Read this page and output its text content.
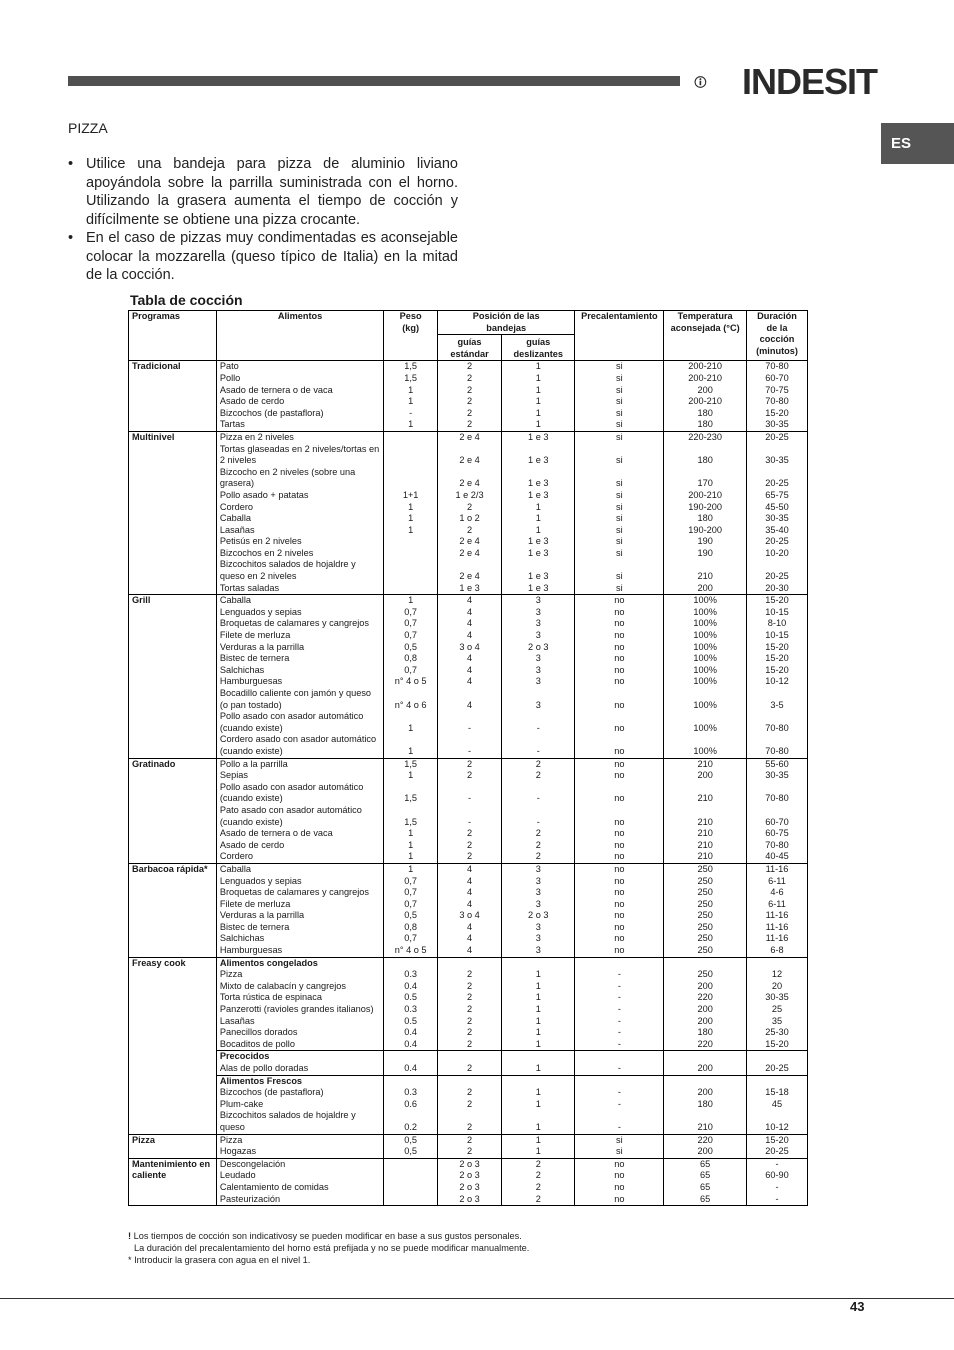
INDESIT
ES
PIZZA
• Utilice una bandeja para pizza de aluminio liviano apoyándola sobre la parrilla suministrada con el horno. Utilizando la grasera aumenta el tiempo de cocción y difícilmente se obtiene una pizza crocante.
• En el caso de pizzas muy condimentadas es aconsejable colocar la mozzarella (queso típico de Italia) en la mitad de la cocción.
Tabla de cocción
Programas	Alimentos	Peso (kg)	Posición de las bandejas		Precalentamiento	Temperatura aconsejada (°C)	Duración de la cocción (minutos)
			guías estándar	guías deslizantes			
Tradicional	Pato	1,5	2	1	si	200-210	70-80
	Pollo	1,5	2	1	si	200-210	60-70
	Asado de ternera o de vaca	1	2	1	si	200	70-75
	Asado de cerdo	1	2	1	si	200-210	70-80
	Bizcochos (de pastaflora)	-	2	1	si	180	15-20
	Tartas	1	2	1	si	180	30-35
Multinivel	Pizza en 2 niveles		2 e 4	1 e 3	si	220-230	20-25
	Tortas glaseadas en 2 niveles/tortas en 2 niveles		2 e 4	1 e 3	si	180	30-35
	Bizcocho en 2 niveles (sobre una grasera)		2 e 4	1 e 3	si	170	20-25
	Pollo asado + patatas	1+1	1 e 2/3	1 e 3	si	200-210	65-75
	Cordero	1	2	1	si	190-200	45-50
	Caballa	1	1 o 2	1	si	180	30-35
	Lasañas	1	2	1	si	190-200	35-40
	Petisús en 2 niveles		2 e 4	1 e 3	si	190	20-25
	Bizcochos en 2 niveles		2 e 4	1 e 3	si	190	10-20
	Bizcochitos salados de hojaldre y queso en 2 niveles		2 e 4	1 e 3	si	210	20-25
	Tortas saladas		1 e 3	1 e 3	si	200	20-30
Grill	Caballa	1	4	3	no	100%	15-20
	Lenguados y sepias	0,7	4	3	no	100%	10-15
	Broquetas de calamares y cangrejos	0,7	4	3	no	100%	8-10
	Filete de merluza	0,7	4	3	no	100%	10-15
	Verduras a la parrilla	0,5	3 o 4	2 o 3	no	100%	15-20
	Bistec de ternera	0,8	4	3	no	100%	15-20
	Salchichas	0,7	4	3	no	100%	15-20
	Hamburguesas	n° 4 o 5	4	3	no	100%	10-12
	Bocadillo caliente con jamón y queso (o pan tostado)	n° 4 o 6	4	3	no	100%	3-5
	Pollo asado con asador automático (cuando existe)	1	-	-	no	100%	70-80
	Cordero asado con asador automático (cuando existe)	1	-	-	no	100%	70-80
Gratinado	Pollo a la parrilla	1,5	2	2	no	210	55-60
	Sepias	1	2	2	no	200	30-35
	Pollo asado con asador automático (cuando existe)	1,5	-	-	no	210	70-80
	Pato asado con asador automático (cuando existe)	1,5	-	-	no	210	60-70
	Asado de ternera o de vaca	1	2	2	no	210	60-75
	Asado de cerdo	1	2	2	no	210	70-80
	Cordero	1	2	2	no	210	40-45
Barbacoa rápida*	Caballa	1	4	3	no	250	11-16
	Lenguados y sepias	0,7	4	3	no	250	6-11
	Broquetas de calamares y cangrejos	0,7	4	3	no	250	4-6
	Filete de merluza	0,7	4	3	no	250	6-11
	Verduras a la parrilla	0,5	3 o 4	2 o 3	no	250	11-16
	Bistec de ternera	0,8	4	3	no	250	11-16
	Salchichas	0,7	4	3	no	250	11-16
	Hamburguesas	n° 4 o 5	4	3	no	250	6-8
Freasy cook	Alimentos congelados						
	Pizza	0.3	2	1	-	250	12
	Mixto de calabacín y cangrejos	0.4	2	1	-	200	20
	Torta rústica de espinaca	0.5	2	1	-	220	30-35
	Panzerotti (ravioles grandes italianos)	0.3	2	1	-	200	25
	Lasañas	0.5	2	1	-	200	35
	Panecillos dorados	0.4	2	1	-	180	25-30
	Bocaditos de pollo	0.4	2	1	-	220	15-20
	Precocidos						
	Alas de pollo doradas	0.4	2	1	-	200	20-25
	Alimentos Frescos						
	Bizcochos (de pastaflora)	0.3	2	1	-	200	15-18
	Plum-cake	0.6	2	1	-	180	45
	Bizcochitos salados de hojaldre y queso	0.2	2	1	-	210	10-12
Pizza	Pizza	0,5	2	1	si	220	15-20
	Hogazas	0,5	2	1	si	200	20-25
Mantenimiento en caliente	Descongelación		2 o 3	2	no	65	-
	Leudado		2 o 3	2	no	65	60-90
	Calentamiento de comidas		2 o 3	2	no	65	-
	Pasteurización		2 o 3	2	no	65	-
! Los tiempos de cocción son indicativosy se pueden modificar en base a sus gustos personales.
La duración del precalentamiento del horno está prefijada y no se puede modificar manualmente.
* Introducir la grasera con agua en el nivel 1.
43
